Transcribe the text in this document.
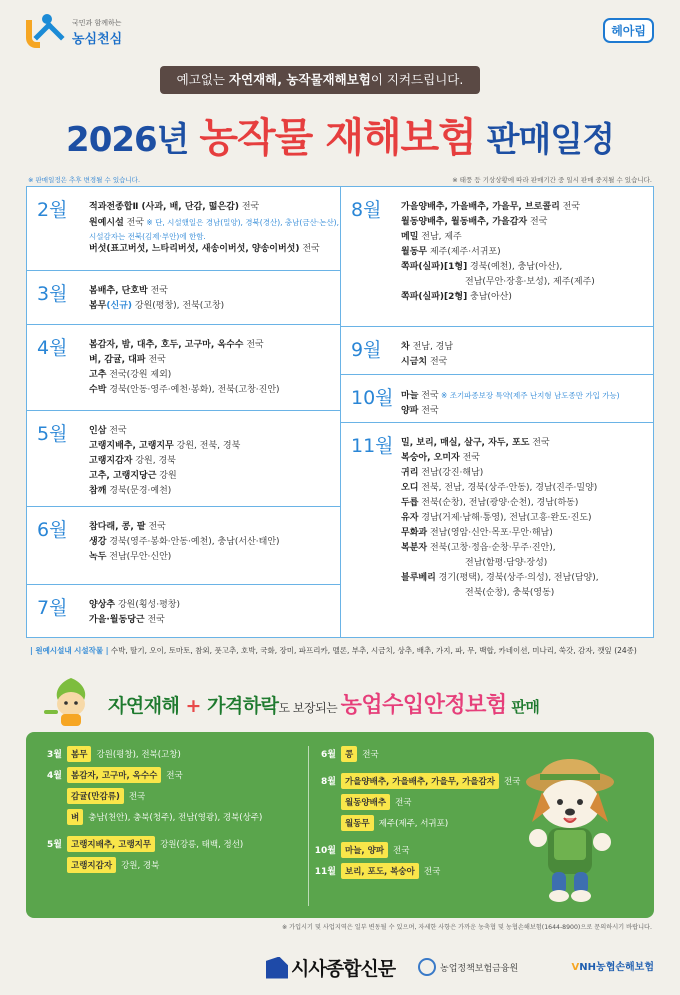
국민과 함께하는
농심천심
헤아림
예고없는 자연재해, 농작물재해보험이 지켜드립니다.
2026년 농작물 재해보험 판매일정
※ 판매일정은 추후 변경될 수 있습니다.	※ 태풍 등 기상상황에 따라 판매기간 중 일시 판매 중지될 수 있습니다.
2월 적과전종합Ⅱ (사과, 배, 단감, 떫은감) 전국
원예시설 전국 ※ 단, 시설했일은 경남(밀양), 경북(경산), 충남(금산·논산),
시설감자는 전북(김제·부안)에 한함.
버섯(표고버섯, 느타리버섯, 새송이버섯, 양송이버섯) 전국
3월 봄배추, 단호박 전국
봄무(신규) 강원(평창), 전북(고창)
4월 봄감자, 밤, 대추, 호두, 고구마, 옥수수 전국
벼, 감귤, 대파 전국
고추 전국(강원 제외)
수박 경북(안동·영주·예천·봉화), 전북(고창·진안)
5월 인삼 전국
고랭지배추, 고랭지무 강원, 전북, 경북
고랭지감자 강원, 경북
고추, 고랭지당근 강원
참깨 경북(문경·예천)
6월 참다래, 콩, 팥 전국
생강 경북(영주·봉화·안동·예천), 충남(서산·태안)
녹두 전남(무안·신안)
7월 양상추 강원(횡성·평창)
가을·월동당근 전국
8월 가을양배추, 가을배추, 가을무, 브로콜리 전국
월동양배추, 월동배추, 가을감자 전국
메밀 전남, 제주
월동무 제주(제주·서귀포)
쪽파(실파)[1형] 경북(예천), 충남(아산),
전남(무안·장흥·보성), 제주(제주)
쪽파(실파)[2형] 충남(아산)
9월 차 전남, 경남
시금치 전국
10월 마늘 전국 ※ 조기파종보장 특약(제주 난지형 남도종만 가입 가능)
양파 전국
11월 밀, 보리, 매실, 살구, 자두, 포도 전국
복숭아, 오미자 전국
귀리 전남(강진·해남)
오디 전북, 전남, 경북(상주·안동), 경남(진주·밀양)
두릅 전북(순창), 전남(광양·순천), 경남(하동)
유자 경남(거제·남해·통영), 전남(고흥·완도·진도)
무화과 전남(영암·신안·목포·무안·해남)
복분자 전북(고창·정읍·순창·무주·진안),
전남(함평·담양·장성)
블루베리 경기(평택), 경북(상주·의성), 전남(담양),
전북(순창), 충북(영동)
| 원예시설내 시설작물 | 수박, 딸기, 오이, 토마토, 참외, 풋고추, 호박, 국화, 장미, 파프리카, 멜론, 부추, 시금치, 상추, 배추, 가지, 파, 무, 백합, 카네이션, 미나리, 쑥갓, 감자, 깻잎 (24종)
자연재해 + 가격하락도 보장되는 농업수입안정보험 판매
3월	봄무	강원(평창), 전북(고창)
4월	봄감자, 고구마, 옥수수	전국
감귤(만감류)	전국
벼	충남(천안), 충북(청주), 전남(영광), 경북(상주)
5월	고랭지배추, 고랭지무	강원(강릉, 태백, 정선)
고랭지감자	강원, 경북
6월	콩	전국
8월	가을양배추, 가을배추, 가을무, 가을감자	전국
월동양배추	전국
월동무	제주(제주, 서귀포)
10월	마늘, 양파	전국
11월	보리, 포도, 복숭아	전국
※ 가입시기 및 사업지역은 일부 변동될 수 있으며, 자세한 사항은 가까운 농축협 및 농협손해보험(1644-8900)으로 문의하시기 바랍니다.
시사종합신문	농업정책보험금융원	VNH농협손해보험
